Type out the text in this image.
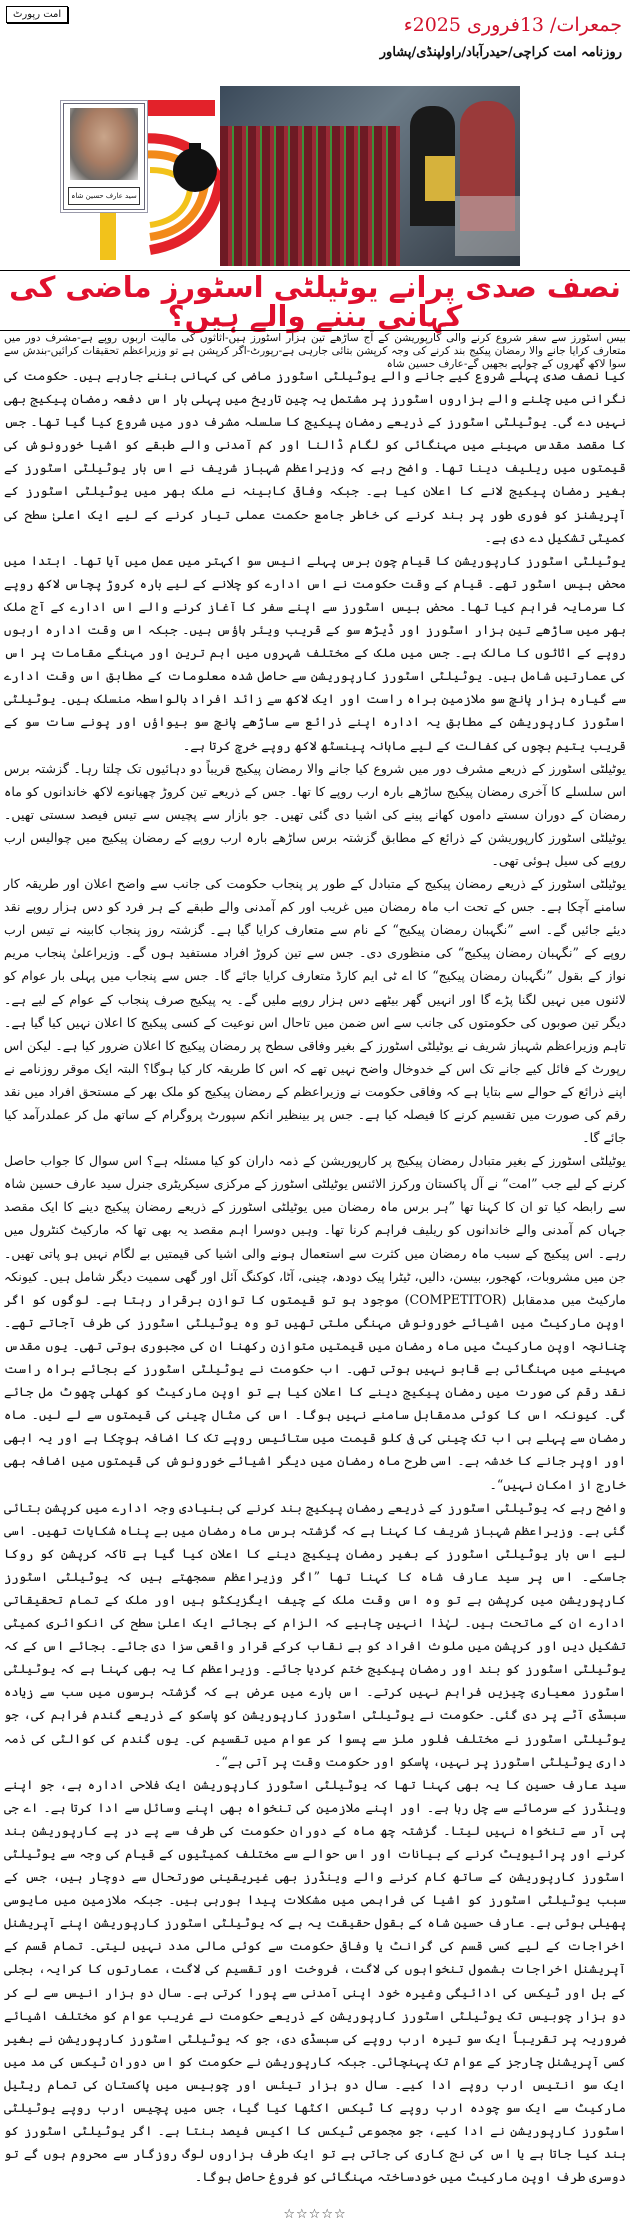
امت رپورٹ	جمعرات/ 13فروری 2025ء
روزنامہ امت کراچی/حیدرآباد/راولپنڈی/پشاور
سید عارف حسین شاہ
نصف صدی پرانے یوٹیلٹی اسٹورز ماضی کی کہانی بننے والے ہیں؟
بیس اسٹورز سے سفر شروع کرنے والی کارپوریشن کے آج ساڑھے تین ہزار اسٹورز ہیں-اثاثوں کی مالیت اربوں روپے ہے-مشرف دور میں متعارف کرایا جانے والا رمضان پیکیج بند کرنے کی وجہ کرپشن بتائی جارہی ہے-رپورٹ-اگر کرپشن ہے تو وزیراعظم تحقیقات کرائیں-بندش سے سوا لاکھ گھروں کے چولہے بجھیں گے-عارف حسین شاہ

کیا نصف صدی پہلے شروع کیے جانے والے یوٹیلٹی اسٹورز ماضی کی کہانی بننے جارہے ہیں۔ حکومت کی نگرانی میں چلنے والے ہزاروں اسٹورز پر مشتمل یہ چین تاریخ میں پہلی بار اس دفعہ رمضان پیکیج بھی نہیں دے گی۔ یوٹیلٹی اسٹورز کے ذریعے رمضان پیکیج کا سلسلہ مشرف دور میں شروع کیا گیا تھا۔ جس کا مقصد مقدس مہینے میں مہنگائی کو لگام ڈالنا اور کم آمدنی والے طبقے کو اشیا خورونوش کی قیمتوں میں ریلیف دینا تھا۔ واضح رہے کہ وزیراعظم شہباز شریف نے اس بار یوٹیلٹی اسٹورز کے بغیر رمضان پیکیج لانے کا اعلان کیا ہے۔ جبکہ وفاقی کابینہ نے ملک بھر میں یوٹیلٹی اسٹورز کے آپریشنز کو فوری طور پر بند کرنے کی خاطر جامع حکمت عملی تیار کرنے کے لیے ایک اعلیٰ سطح کی کمیٹی تشکیل دے دی ہے۔

یوٹیلٹی اسٹورز کارپوریشن کا قیام چون برس پہلے انیس سو اکہتر میں عمل میں آیا تھا۔ ابتدا میں محض بیس اسٹور تھے۔ قیام کے وقت حکومت نے اس ادارے کو چلانے کے لیے بارہ کروڑ پچاس لاکھ روپے کا سرمایہ فراہم کیا تھا۔ محض بیس اسٹورز سے اپنے سفر کا آغاز کرنے والے اس ادارے کے آج ملک بھر میں ساڑھے تین ہزار اسٹورز اور ڈیڑھ سو کے قریب ویئر ہاؤس ہیں۔ جبکہ اس وقت ادارہ اربوں روپے کے اثاثوں کا مالک ہے۔ جس میں ملک کے مختلف شہروں میں اہم ترین اور مہنگے مقامات پر اس کی عمارتیں شامل ہیں۔ یوٹیلٹی اسٹورز کارپوریشن سے حاصل شدہ معلومات کے مطابق اس وقت ادارے سے گیارہ ہزار پانچ سو ملازمین براہ راست اور ایک لاکھ سے زائد افراد بالواسطہ منسلک ہیں۔ یوٹیلٹی اسٹورز کارپوریشن کے مطابق یہ ادارہ اپنے ذرائع سے ساڑھے پانچ سو بیواؤں اور پونے سات سو کے قریب یتیم بچوں کی کفالت کے لیے ماہانہ پینسٹھ لاکھ روپے خرچ کرتا ہے۔

یوٹیلٹی اسٹورز کے ذریعے مشرف دور میں شروع کیا جانے والا رمضان پیکیج قریباً دو دہائیوں تک چلتا رہا۔ گزشتہ برس اس سلسلے کا آخری رمضان پیکیج ساڑھے بارہ ارب روپے کا تھا۔ جس کے ذریعے تین کروڑ چھیانوے لاکھ خاندانوں کو ماہ رمضان کے دوران سستے داموں کھانے پینے کی اشیا دی گئی تھیں۔ جو بازار سے پچیس سے تیس فیصد سستی تھیں۔ یوٹیلٹی اسٹورز کارپوریشن کے ذرائع کے مطابق گزشتہ برس ساڑھے بارہ ارب روپے کے رمضان پیکیج میں چوالیس ارب روپے کی سیل ہوئی تھی۔

یوٹیلٹی اسٹورز کے ذریعے رمضان پیکیج کے متبادل کے طور پر پنجاب حکومت کی جانب سے واضح اعلان اور طریقہ کار سامنے آچکا ہے۔ جس کے تحت اب ماہ رمضان میں غریب اور کم آمدنی والے طبقے کے ہر فرد کو دس ہزار روپے نقد دیئے جائیں گے۔ اسے ”نگہبان رمضان پیکیج“ کے نام سے متعارف کرایا گیا ہے۔ گزشتہ روز پنجاب کابینہ نے تیس ارب روپے کے ”نگہبان رمضان پیکیج“ کی منظوری دی۔ جس سے تین کروڑ افراد مستفید ہوں گے۔ وزیراعلیٰ پنجاب مریم نواز کے بقول ”نگہبان رمضان پیکیج“ کا اے ٹی ایم کارڈ متعارف کرایا جائے گا۔ جس سے پنجاب میں پہلی بار عوام کو لائنوں میں نہیں لگنا پڑے گا اور انہیں گھر بیٹھے دس ہزار روپے ملیں گے۔ یہ پیکیج صرف پنجاب کے عوام کے لیے ہے۔ دیگر تین صوبوں کی حکومتوں کی جانب سے اس ضمن میں تاحال اس نوعیت کے کسی پیکیج کا اعلان نہیں کیا گیا ہے۔ تاہم وزیراعظم شہباز شریف نے یوٹیلٹی اسٹورز کے بغیر وفاقی سطح پر رمضان پیکیج کا اعلان ضرور کیا ہے۔ لیکن اس رپورٹ کے فائل کیے جانے تک اس کے خدوخال واضح نہیں تھے کہ اس کا طریقہ کار کیا ہوگا؟ البتہ ایک موقر روزنامے نے اپنے ذرائع کے حوالے سے بتایا ہے کہ وفاقی حکومت نے وزیراعظم کے رمضان پیکیج کو ملک بھر کے مستحق افراد میں نقد رقم کی صورت میں تقسیم کرنے کا فیصلہ کیا ہے۔ جس پر بینظیر انکم سپورٹ پروگرام کے ساتھ مل کر عملدرآمد کیا جائے گا۔

یوٹیلٹی اسٹورز کے بغیر متبادل رمضان پیکیج پر کارپوریشن کے ذمہ داران کو کیا مسئلہ ہے؟ اس سوال کا جواب حاصل کرنے کے لیے جب ”امت“ نے آل پاکستان ورکرز الائنس یوٹیلٹی اسٹورز کے مرکزی سیکریٹری جنرل سید عارف حسین شاہ سے رابطہ کیا تو ان کا کہنا تھا ”ہر برس ماہ رمضان میں یوٹیلٹی اسٹورز کے ذریعے رمضان پیکیج دینے کا ایک مقصد جہاں کم آمدنی والے خاندانوں کو ریلیف فراہم کرنا تھا۔ وہیں دوسرا اہم مقصد یہ بھی تھا کہ مارکیٹ کنٹرول میں رہے۔ اس پیکیج کے سبب ماہ رمضان میں کثرت سے استعمال ہونے والی اشیا کی قیمتیں بے لگام نہیں ہو پاتی تھیں۔ جن میں مشروبات، کھجور، بیسن، دالیں، ٹیٹرا پیک دودھ، چینی، آٹا، کوکنگ آئل اور گھی سمیت دیگر شامل ہیں۔ کیونکہ مارکیٹ میں مدمقابل (COMPETITOR) موجود ہو تو قیمتوں کا توازن برقرار رہتا ہے۔ لوگوں کو اگر اوپن مارکیٹ میں اشیائے خورونوش مہنگی ملتی تھیں تو وہ یوٹیلٹی اسٹورز کی طرف آجاتے تھے۔ چنانچہ اوپن مارکیٹ میں ماہ رمضان میں قیمتیں متوازن رکھنا ان کی مجبوری ہوتی تھی۔ یوں مقدس مہینے میں مہنگائی بے قابو نہیں ہوتی تھی۔ اب حکومت نے یوٹیلٹی اسٹورز کے بجائے براہ راست نقد رقم کی صورت میں رمضان پیکیج دینے کا اعلان کیا ہے تو اوپن مارکیٹ کو کھلی چھوٹ مل جائے گی۔ کیونکہ اس کا کوئی مدمقابل سامنے نہیں ہوگا۔ اس کی مثال چینی کی قیمتوں سے لے لیں۔ ماہ رمضان سے پہلے ہی اب تک چینی کی فی کلو قیمت میں ستائیس روپے تک کا اضافہ ہوچکا ہے اور یہ ابھی اور اوپر جانے کا خدشہ ہے۔ اسی طرح ماہ رمضان میں دیگر اشیائے خورونوش کی قیمتوں میں اضافہ بھی خارج از امکان نہیں“۔

واضح رہے کہ یوٹیلٹی اسٹورز کے ذریعے رمضان پیکیج بند کرنے کی بنیادی وجہ ادارے میں کرپشن بتائی گئی ہے۔ وزیراعظم شہباز شریف کا کہنا ہے کہ گزشتہ برس ماہ رمضان میں بے پناہ شکایات تھیں۔ اسی لیے اس بار یوٹیلٹی اسٹورز کے بغیر رمضان پیکیج دینے کا اعلان کیا گیا ہے تاکہ کرپشن کو روکا جاسکے۔ اس پر سید عارف شاہ کا کہنا تھا ”اگر وزیراعظم سمجھتے ہیں کہ یوٹیلٹی اسٹورز کارپوریشن میں کرپشن ہے تو وہ اس وقت ملک کے چیف ایگزیکٹو ہیں اور ملک کے تمام تحقیقاتی ادارے ان کے ماتحت ہیں۔ لہٰذا انہیں چاہیے کہ الزام کے بجائے ایک اعلیٰ سطح کی انکوائری کمیٹی تشکیل دیں اور کرپشن میں ملوث افراد کو بے نقاب کرکے قرار واقعی سزا دی جائے۔ بجائے اس کے کہ یوٹیلٹی اسٹورز کو بند اور رمضان پیکیج ختم کردیا جائے۔ وزیراعظم کا یہ بھی کہنا ہے کہ یوٹیلٹی اسٹورز معیاری چیزیں فراہم نہیں کرتے۔ اس بارے میں عرض ہے کہ گزشتہ برسوں میں سب سے زیادہ سبسڈی آٹے پر دی گئی۔ حکومت نے یوٹیلٹی اسٹورز کارپوریشن کو پاسکو کے ذریعے گندم فراہم کی، جو یوٹیلٹی اسٹورز نے مختلف فلور ملز سے پسوا کر عوام میں تقسیم کی۔ یوں گندم کی کوالٹی کی ذمہ داری یوٹیلٹی اسٹورز پر نہیں، پاسکو اور حکومت وقت پر آتی ہے“۔

سید عارف حسین کا یہ بھی کہنا تھا کہ یوٹیلٹی اسٹورز کارپوریشن ایک فلاحی ادارہ ہے، جو اپنے وینڈرز کے سرمائے سے چل رہا ہے۔ اور اپنے ملازمین کی تنخواہ بھی اپنے وسائل سے ادا کرتا ہے۔ اے جی پی آر سے تنخواہ نہیں لیتا۔ گزشتہ چھ ماہ کے دوران حکومت کی طرف سے پے در پے کارپوریشن بند کرنے اور پرائیویٹ کرنے کے بیانات اور اس حوالے سے مختلف کمیٹیوں کے قیام کی وجہ سے یوٹیلٹی اسٹورز کارپوریشن کے ساتھ کام کرنے والے وینڈرز بھی غیریقینی صورتحال سے دوچار ہیں، جس کے سبب یوٹیلٹی اسٹورز کو اشیا کی فراہمی میں مشکلات پیدا ہورہی ہیں۔ جبکہ ملازمین میں مایوسی پھیلی ہوئی ہے۔ عارف حسین شاہ کے بقول حقیقت یہ ہے کہ یوٹیلٹی اسٹورز کارپوریشن اپنے آپریشنل اخراجات کے لیے کسی قسم کی گرانٹ یا وفاقی حکومت سے کوئی مالی مدد نہیں لیتی۔ تمام قسم کے آپریشنل اخراجات بشمول تنخواہوں کی لاگت، فروخت اور تقسیم کی لاگت، عمارتوں کا کرایہ، بجلی کے بل اور ٹیکس کی ادائیگی وغیرہ خود اپنی آمدنی سے پورا کرتی ہے۔ سال دو ہزار انیس سے لے کر دو ہزار چوبیس تک یوٹیلٹی اسٹورز کارپوریشن کے ذریعے حکومت نے غریب عوام کو مختلف اشیائے ضروریہ پر تقریباً ایک سو تیرہ ارب روپے کی سبسڈی دی، جو کہ یوٹیلٹی اسٹورز کارپوریشن نے بغیر کسی آپریشنل چارجز کے عوام تک پہنچائی۔ جبکہ کارپوریشن نے حکومت کو اس دوران ٹیکس کی مد میں ایک سو انتیس ارب روپے ادا کیے۔ سال دو ہزار تیئس اور چوبیس میں پاکستان کی تمام ریٹیل مارکیٹ سے ایک سو چودہ ارب روپے کا ٹیکس اکٹھا کیا گیا، جس میں پچیس ارب روپے یوٹیلٹی اسٹورز کارپوریشن نے ادا کیے، جو مجموعی ٹیکس کا اکیس فیصد بنتا ہے۔ اگر یوٹیلٹی اسٹورز کو بند کیا جاتا ہے یا اس کی نج کاری کی جاتی ہے تو ایک طرف ہزاروں لوگ روزگار سے محروم ہوں گے تو دوسری طرف اوپن مارکیٹ میں خودساختہ مہنگائی کو فروغ حاصل ہوگا۔

☆☆☆☆☆
